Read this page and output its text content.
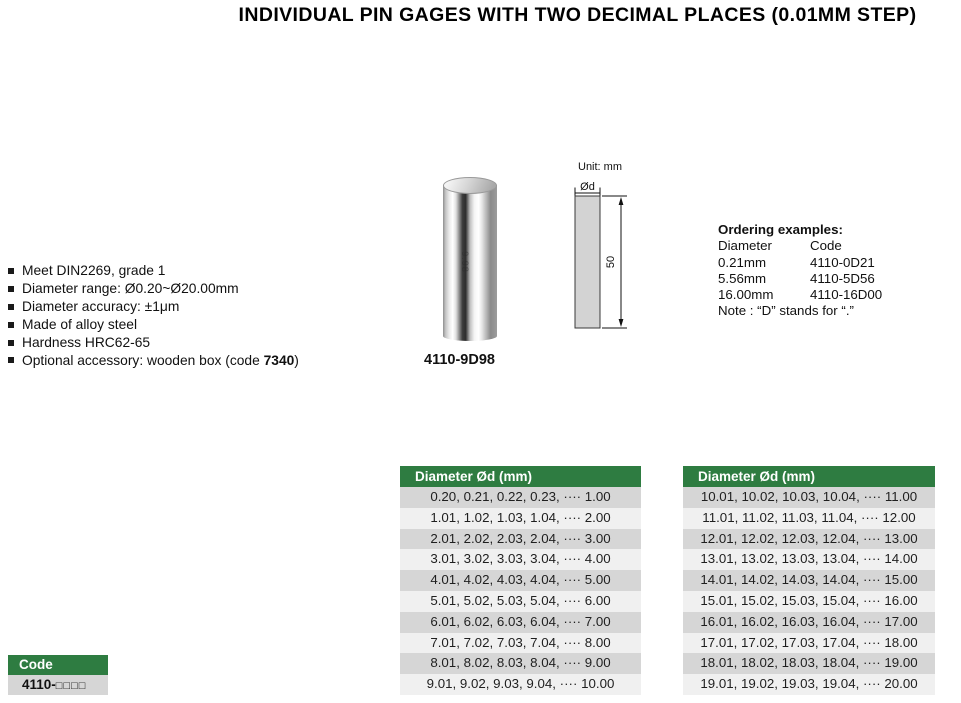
INDIVIDUAL PIN GAGES WITH TWO DECIMAL PLACES (0.01MM STEP)
Meet DIN2269, grade 1
Diameter range: Ø0.20~Ø20.00mm
Diameter accuracy: ±1μm
Made of alloy steel
Hardness HRC62-65
Optional accessory: wooden box (code 7340)
9.98
4110-9D98
Unit: mm
Ød
50
Ordering examples:
Diameter	Code
0.21mm	4110-0D21
5.56mm	4110-5D56
16.00mm	4110-16D00
Note : “D” stands for “.”
Code
4110-□□□□
Diameter Ød (mm)
0.20, 0.21, 0.22, 0.23, ···· 1.00
1.01, 1.02, 1.03, 1.04, ···· 2.00
2.01, 2.02, 2.03, 2.04, ···· 3.00
3.01, 3.02, 3.03, 3.04, ···· 4.00
4.01, 4.02, 4.03, 4.04, ···· 5.00
5.01, 5.02, 5.03, 5.04, ···· 6.00
6.01, 6.02, 6.03, 6.04, ···· 7.00
7.01, 7.02, 7.03, 7.04, ···· 8.00
8.01, 8.02, 8.03, 8.04, ···· 9.00
9.01, 9.02, 9.03, 9.04, ···· 10.00
Diameter Ød (mm)
10.01, 10.02, 10.03, 10.04, ···· 11.00
11.01, 11.02, 11.03, 11.04, ···· 12.00
12.01, 12.02, 12.03, 12.04, ···· 13.00
13.01, 13.02, 13.03, 13.04, ···· 14.00
14.01, 14.02, 14.03, 14.04, ···· 15.00
15.01, 15.02, 15.03, 15.04, ···· 16.00
16.01, 16.02, 16.03, 16.04, ···· 17.00
17.01, 17.02, 17.03, 17.04, ···· 18.00
18.01, 18.02, 18.03, 18.04, ···· 19.00
19.01, 19.02, 19.03, 19.04, ···· 20.00
